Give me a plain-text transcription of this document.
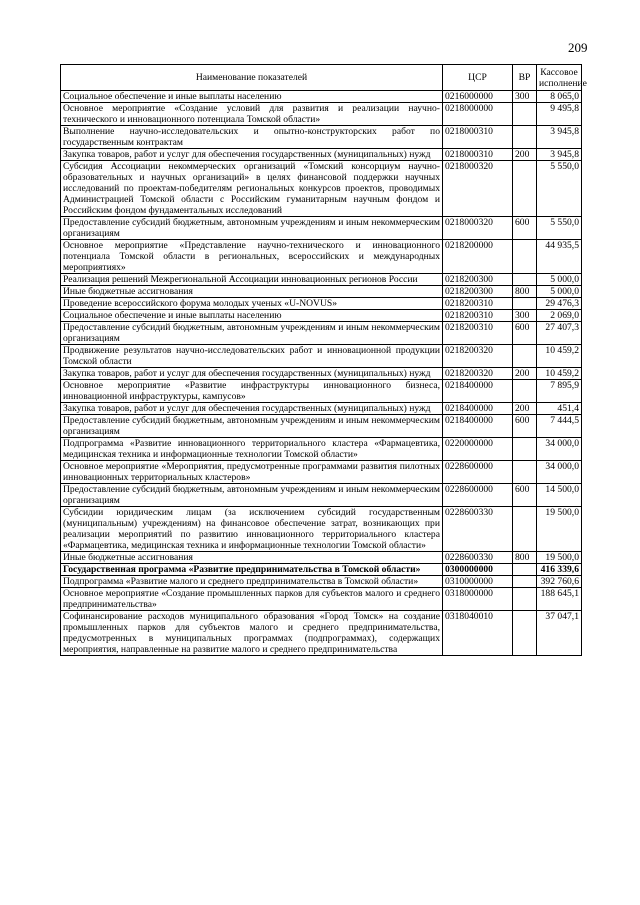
209
Наименование показателей	ЦСР	ВР	Кассовое исполнение
Социальное обеспечение и иные выплаты населению	0216000000	300	8 065,0
Основное мероприятие «Создание условий для развития и реализации научно-технического и инновационного потенциала Томской области»	0218000000		9 495,8
Выполнение научно-исследовательских и опытно-конструкторских работ по государственным контрактам	0218000310		3 945,8
Закупка товаров, работ и услуг для обеспечения государственных (муниципальных) нужд	0218000310	200	3 945,8
Субсидия Ассоциации некоммерческих организаций «Томский консорциум научно-образовательных и научных организаций» в целях финансовой поддержки научных исследований по проектам-победителям региональных конкурсов проектов, проводимых Администрацией Томской области с Российским гуманитарным научным фондом и Российским фондом фундаментальных исследований	0218000320		5 550,0
Предоставление субсидий бюджетным, автономным учреждениям и иным некоммерческим организациям	0218000320	600	5 550,0
Основное мероприятие «Представление научно-технического и инновационного потенциала Томской области в региональных, всероссийских и международных мероприятиях»	0218200000		44 935,5
Реализация решений Межрегиональной Ассоциации инновационных регионов России	0218200300		5 000,0
Иные бюджетные ассигнования	0218200300	800	5 000,0
Проведение всероссийского форума молодых ученых «U-NOVUS»	0218200310		29 476,3
Социальное обеспечение и иные выплаты населению	0218200310	300	2 069,0
Предоставление субсидий бюджетным, автономным учреждениям и иным некоммерческим организациям	0218200310	600	27 407,3
Продвижение результатов научно-исследовательских работ и инновационной продукции Томской области	0218200320		10 459,2
Закупка товаров, работ и услуг для обеспечения государственных (муниципальных) нужд	0218200320	200	10 459,2
Основное мероприятие «Развитие инфраструктуры инновационного бизнеса, инновационной инфраструктуры, кампусов»	0218400000		7 895,9
Закупка товаров, работ и услуг для обеспечения государственных (муниципальных) нужд	0218400000	200	451,4
Предоставление субсидий бюджетным, автономным учреждениям и иным некоммерческим организациям	0218400000	600	7 444,5
Подпрограмма «Развитие инновационного территориального кластера «Фармацевтика, медицинская техника и информационные технологии Томской области»	0220000000		34 000,0
Основное мероприятие «Мероприятия, предусмотренные программами развития пилотных инновационных территориальных кластеров»	0228600000		34 000,0
Предоставление субсидий бюджетным, автономным учреждениям и иным некоммерческим организациям	0228600000	600	14 500,0
Субсидии юридическим лицам (за исключением субсидий государственным (муниципальным) учреждениям) на финансовое обеспечение затрат, возникающих при реализации мероприятий по развитию инновационного территориального кластера «Фармацевтика, медицинская техника и информационные технологии Томской области»	0228600330		19 500,0
Иные бюджетные ассигнования	0228600330	800	19 500,0
Государственная программа «Развитие предпринимательства в Томской области»	0300000000		416 339,6
Подпрограмма «Развитие малого и среднего предпринимательства в Томской области»	0310000000		392 760,6
Основное мероприятие «Создание промышленных парков для субъектов малого и среднего предпринимательства»	0318000000		188 645,1
Софинансирование расходов муниципального образования «Город Томск» на создание промышленных парков для субъектов малого и среднего предпринимательства, предусмотренных в муниципальных программах (подпрограммах), содержащих мероприятия, направленные на развитие малого и среднего предпринимательства	0318040010		37 047,1
